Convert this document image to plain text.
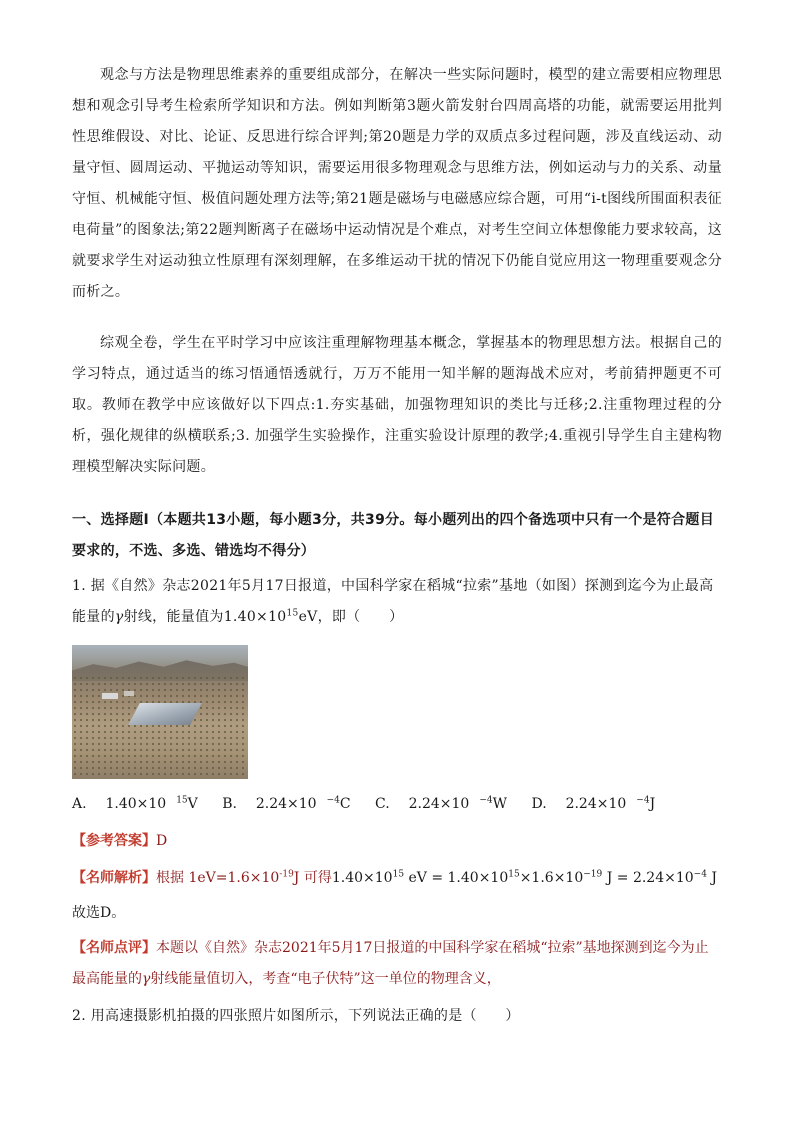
观念与方法是物理思维素养的重要组成部分，在解决一些实际问题时，模型的建立需要相应物理思想和观念引导考生检索所学知识和方法。例如判断第3题火箭发射台四周高塔的功能，就需要运用批判性思维假设、对比、论证、反思进行综合评判;第20题是力学的双质点多过程问题，涉及直线运动、动量守恒、圆周运动、平抛运动等知识，需要运用很多物理观念与思维方法，例如运动与力的关系、动量守恒、机械能守恒、极值问题处理方法等;第21题是磁场与电磁感应综合题，可用“i-t图线所围面积表征电荷量”的图象法;第22题判断离子在磁场中运动情况是个难点，对考生空间立体想像能力要求较高，这就要求学生对运动独立性原理有深刻理解，在多维运动干扰的情况下仍能自觉应用这一物理重要观念分而析之。

综观全卷，学生在平时学习中应该注重理解物理基本概念，掌握基本的物理思想方法。根据自己的学习特点，通过适当的练习悟通悟透就行，万万不能用一知半解的题海战术应对，考前猜押题更不可取。教师在教学中应该做好以下四点:1.夯实基础，加强物理知识的类比与迁移;2.注重物理过程的分析，强化规律的纵横联系;3. 加强学生实验操作，注重实验设计原理的教学;4.重视引导学生自主建构物理模型解决实际问题。

一、选择题Ⅰ（本题共13小题，每小题3分，共39分。每小题列出的四个备选项中只有一个是符合题目要求的，不选、多选、错选均不得分）

1. 据《自然》杂志2021年5月17日报道，中国科学家在稻城“拉索”基地（如图）探测到迄今为止最高能量的γ射线，能量值为$1.40\times 10^{15}eV$，即（　　）

A. 1.40×10 $^{15}$V B. 2.24×10 $^{-4}$C C. 2.24×10 $^{-4}$W D. 2.24×10 $^{-4}$J

【参考答案】D

【名师解析】根据 $1eV=1.6\times 10^{-19}J$ 可得$1.40\times 10^{15}$ eV = $1.40\times 10^{15}\times 1.6\times 10^{-19}$ $J = 2.24\times 10^{-4}$ J

故选D。

【名师点评】本题以《自然》杂志2021年5月17日报道的中国科学家在稻城“拉索”基地探测到迄今为止最高能量的γ射线能量值切入，考查“电子伏特”这一单位的物理含义，

2. 用高速摄影机拍摄的四张照片如图所示，下列说法正确的是（　　）
